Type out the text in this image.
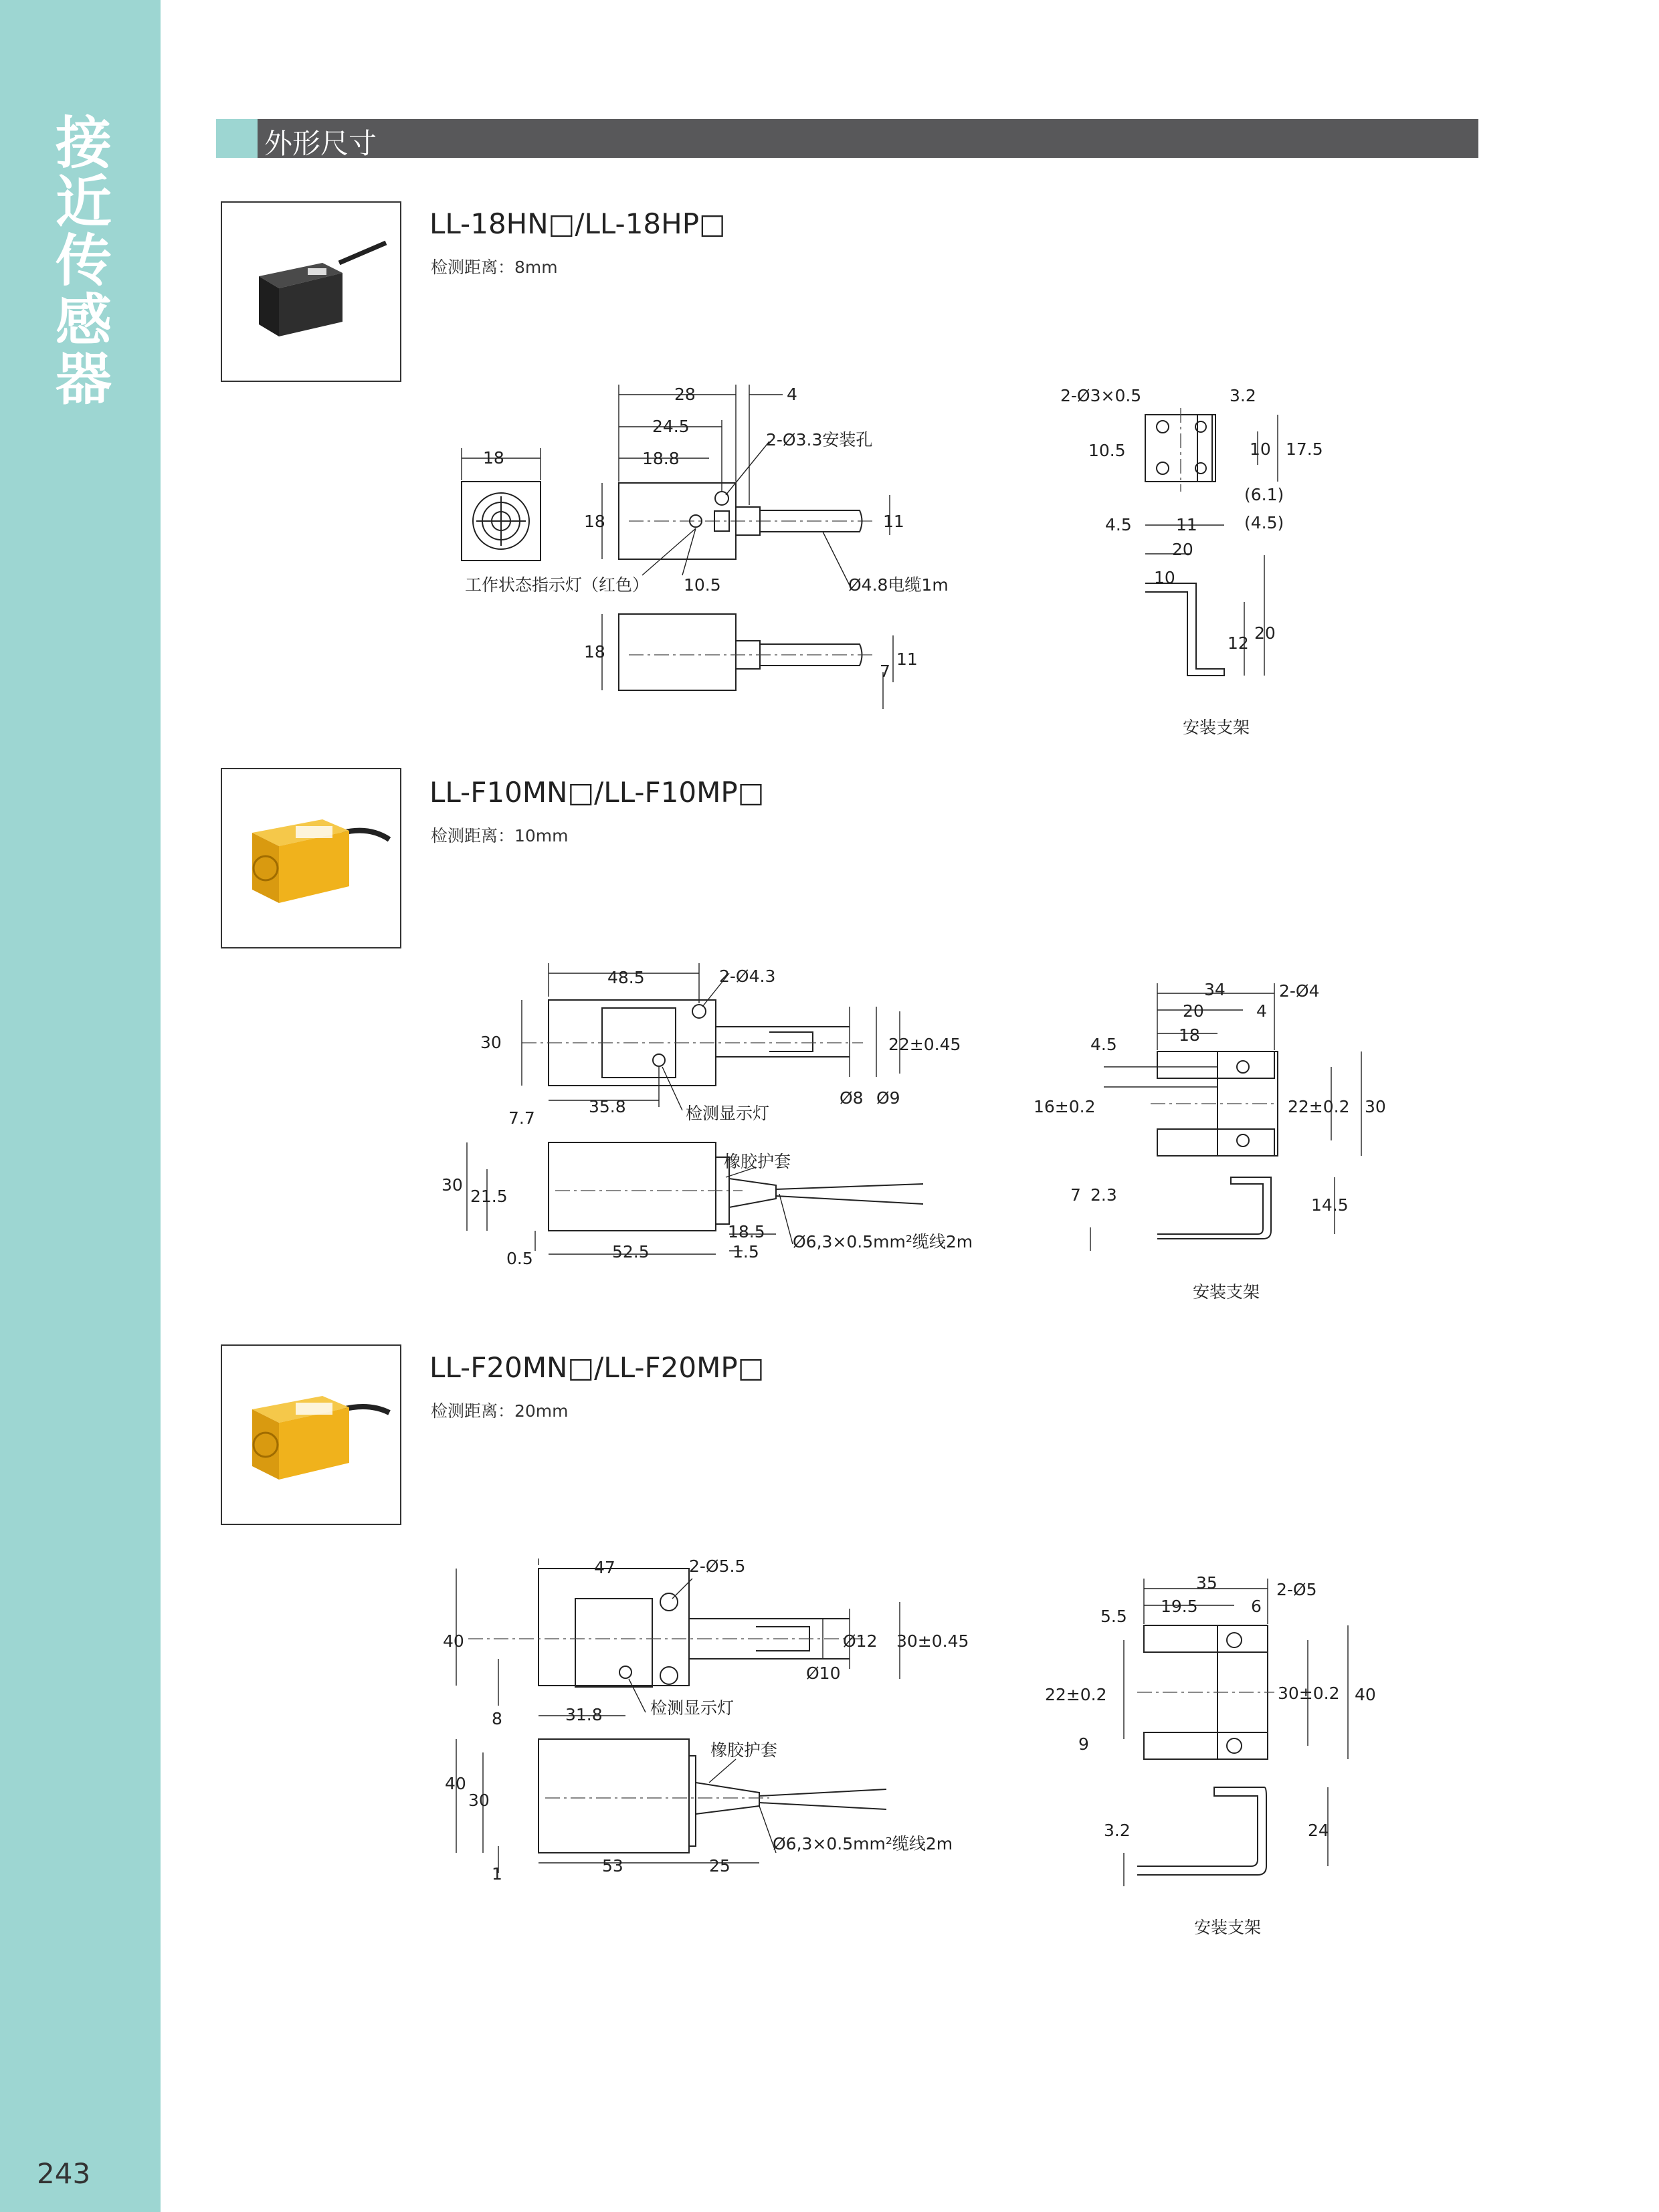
接
近
传
感
器
243
外形尺寸
LL-18HN□/LL-18HP□
检测距离：8mm
LL-F10MN□/LL-F10MP□
检测距离：10mm
LL-F20MN□/LL-F20MP□
检测距离：20mm
18
28	4
24.5
18.8
2-Ø3.3安装孔
18	11
工作状态指示灯（红色） 10.5	Ø4.8电缆1m
18	11
7
2-Ø3×0.5	3.2
10.5	10 17.5
(6.1)
4.5	11	(4.5)
20
10
12
20
48.5	2-Ø4.3
30	22±0.45
7.7
35.8	检测显示灯
Ø8 Ø9
橡胶护套
30
21.5
18.5
0.5	52.5	1.5
Ø6,3×0.5mm²缆线2m
34	2-Ø4
20	4
18
4.5
16±0.2	22±0.2 30
7 2.3
14.5
47	2-Ø5.5
40	Ø12 30±0.45
Ø10
8	31.8	检测显示灯
橡胶护套
40
30
1	53	25
Ø6,3×0.5mm²缆线2m
35	2-Ø5
5.5
19.5	6
22±0.2	30±0.2 40
9
3.2	24
安装支架
安装支架
安装支架
